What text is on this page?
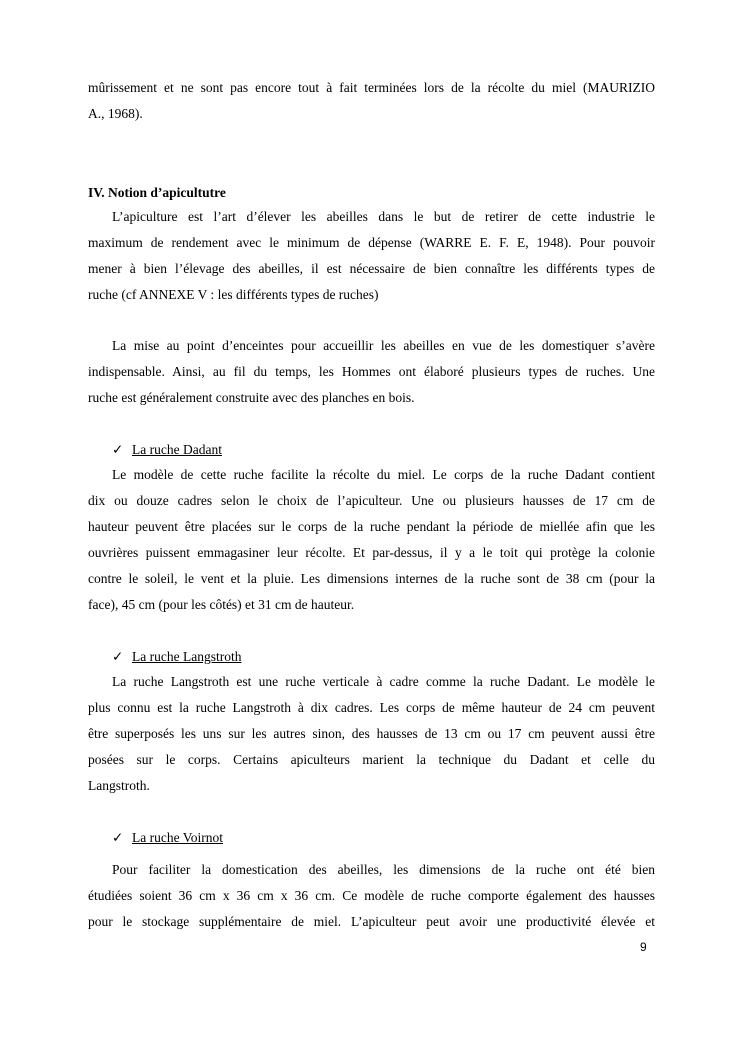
mûrissement et ne sont pas encore tout à fait terminées lors de la récolte du miel (MAURIZIO
A., 1968).
IV. Notion d’apicultutre
L’apiculture est l’art d’élever les abeilles dans le but de retirer de cette industrie le
maximum de rendement avec le minimum de dépense (WARRE E. F. E, 1948). Pour pouvoir
mener à bien l’élevage des abeilles, il est nécessaire de bien connaître les différents types de
ruche (cf ANNEXE V : les différents types de ruches)
La mise au point d’enceintes pour accueillir les abeilles en vue de les domestiquer s’avère
indispensable. Ainsi, au fil du temps, les Hommes ont élaboré plusieurs types de ruches. Une
ruche est généralement construite avec des planches en bois.
✓ La ruche Dadant
Le modèle de cette ruche facilite la récolte du miel. Le corps de la ruche Dadant contient
dix ou douze cadres selon le choix de l’apiculteur. Une ou plusieurs hausses de 17 cm de
hauteur peuvent être placées sur le corps de la ruche pendant la période de miellée afin que les
ouvrières puissent emmagasiner leur récolte. Et par-dessus, il y a le toit qui protège la colonie
contre le soleil, le vent et la pluie. Les dimensions internes de la ruche sont de 38 cm (pour la
face), 45 cm (pour les côtés) et 31 cm de hauteur.
✓ La ruche Langstroth
La ruche Langstroth est une ruche verticale à cadre comme la ruche Dadant. Le modèle le
plus connu est la ruche Langstroth à dix cadres. Les corps de même hauteur de 24 cm peuvent
être superposés les uns sur les autres sinon, des hausses de 13 cm ou 17 cm peuvent aussi être
posées sur le corps. Certains apiculteurs marient la technique du Dadant et celle du
Langstroth.
✓ La ruche Voirnot
Pour faciliter la domestication des abeilles, les dimensions de la ruche ont été bien
étudiées soient 36 cm x 36 cm x 36 cm. Ce modèle de ruche comporte également des hausses
pour le stockage supplémentaire de miel. L’apiculteur peut avoir une productivité élevée et
9
